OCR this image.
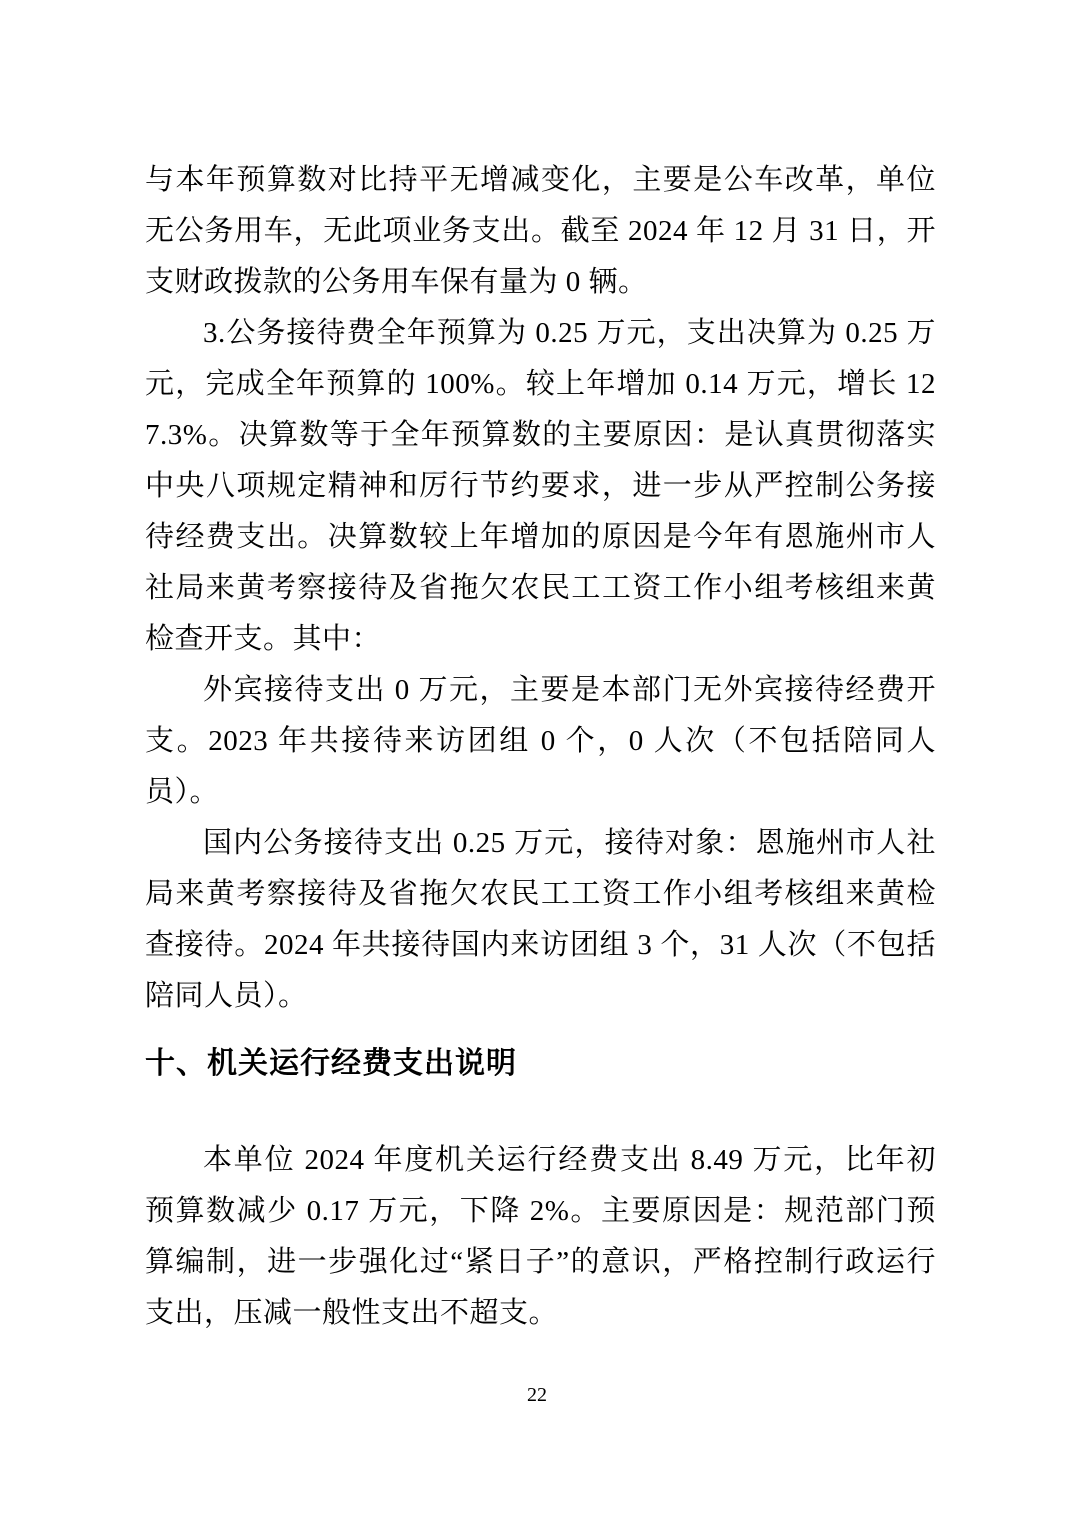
与本年预算数对比持平无增减变化，主要是公车改革，单位无公务用车，无此项业务支出。截至 2024 年 12 月 31 日，开支财政拨款的公务用车保有量为 0 辆。

3.公务接待费全年预算为 0.25 万元，支出决算为 0.25 万元，完成全年预算的 100%。较上年增加 0.14 万元，增长 127.3%。决算数等于全年预算数的主要原因：是认真贯彻落实中央八项规定精神和厉行节约要求，进一步从严控制公务接待经费支出。决算数较上年增加的原因是今年有恩施州市人社局来黄考察接待及省拖欠农民工工资工作小组考核组来黄检查开支。其中：

外宾接待支出 0 万元，主要是本部门无外宾接待经费开支。2023 年共接待来访团组 0 个，0 人次（不包括陪同人员）。

国内公务接待支出 0.25 万元，接待对象：恩施州市人社局来黄考察接待及省拖欠农民工工资工作小组考核组来黄检查接待。2024 年共接待国内来访团组 3 个，31 人次（不包括陪同人员）。

十、机关运行经费支出说明

本单位 2024 年度机关运行经费支出 8.49 万元，比年初预算数减少 0.17 万元，下降 2%。主要原因是：规范部门预算编制，进一步强化过“紧日子”的意识，严格控制行政运行支出，压减一般性支出不超支。

22
